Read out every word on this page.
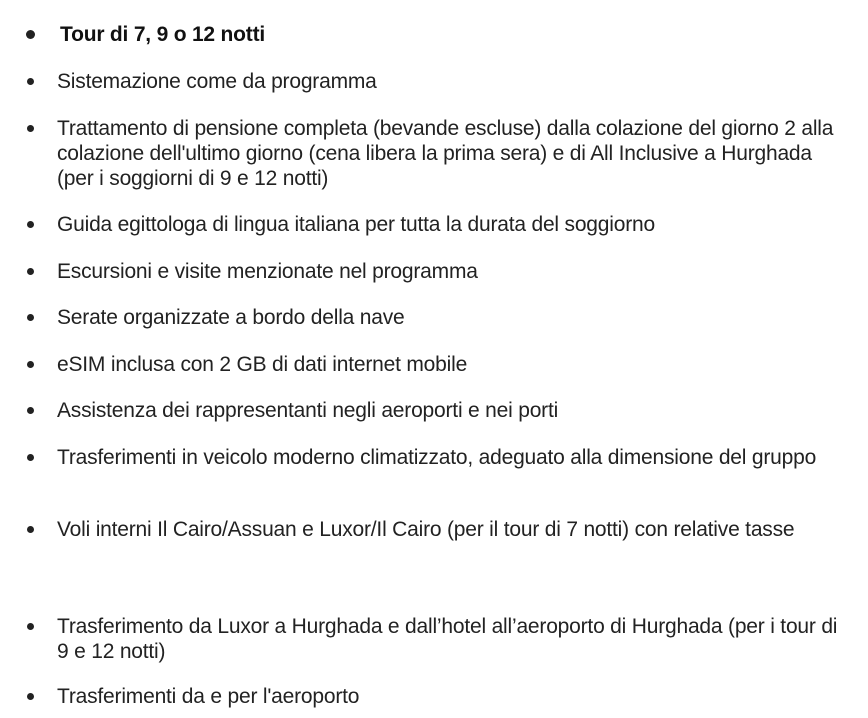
Tour di 7, 9 o 12 notti
Sistemazione come da programma
Trattamento di pensione completa (bevande escluse) dalla colazione del giorno 2 alla colazione dell'ultimo giorno (cena libera la prima sera) e di All Inclusive a Hurghada (per i soggiorni di 9 e 12 notti)
Guida egittologa di lingua italiana per tutta la durata del soggiorno
Escursioni e visite menzionate nel programma
Serate organizzate a bordo della nave
eSIM inclusa con 2 GB di dati internet mobile
Assistenza dei rappresentanti negli aeroporti e nei porti
Trasferimenti in veicolo moderno climatizzato, adeguato alla dimensione del gruppo
Voli interni Il Cairo/Assuan e Luxor/Il Cairo (per il tour di 7 notti) con relative tasse
Trasferimento da Luxor a Hurghada e dall’hotel all’aeroporto di Hurghada (per i tour di 9 e 12 notti)
Trasferimenti da e per l'aeroporto
